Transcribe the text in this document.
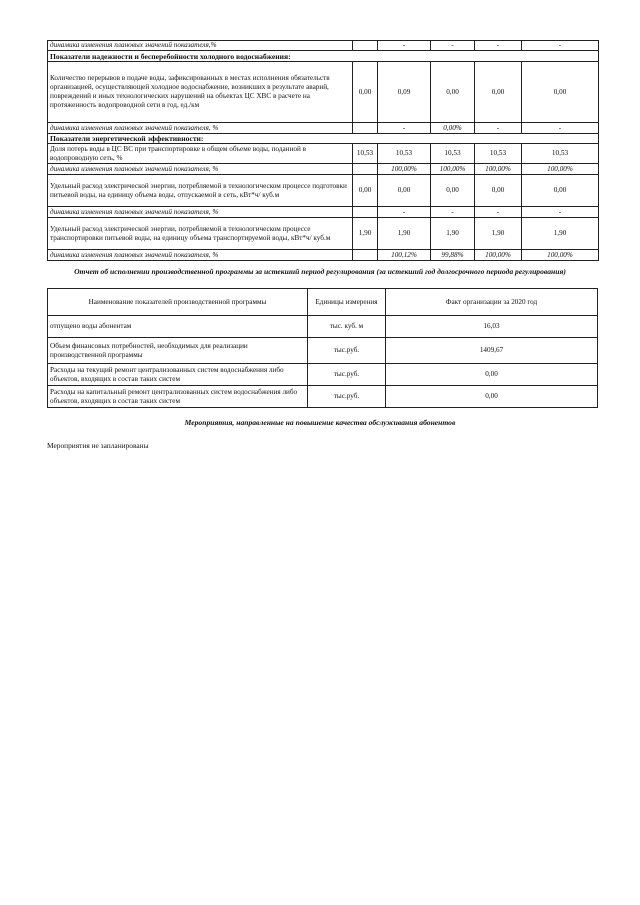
динамика изменения плановых значений показателя,%		-	-	-	-
Показатели надежности и бесперебойности холодного водоснабжения:					
Количество перерывов в подаче воды, зафиксированных в местах исполнения обязательств организацией, осуществляющей холодное водоснабжение, возникших в результате аварий, повреждений и иных технологических нарушений на объектах ЦС ХВС в расчете на протяженность водопроводной сети в год, ед./км	0,00	0,09	0,00	0,00	0,00
динамика изменения плановых значений показателя, %		-	0,00%	-	-
Показатели энергетической эффективности:					
Доля потерь воды в ЦС ВС при транспортировке в общем объеме воды, поданной в водопроводную сеть, %	10,53	10,53	10,53	10,53	10,53
динамика изменения плановых значений показателя, %		100,00%	100,00%	100,00%	100,00%
Удельный расход электрической энергии, потребляемой в технологическом процессе подготовки питьевой воды, на единицу объема воды, отпускаемой в сеть, кВт*ч/ куб.м	0,00	0,00	0,00	0,00	0,00
динамика изменения плановых значений показателя, %		-	-	-	-
Удельный расход электрической энергии, потребляемой в технологическом процессе транспортировки питьевой воды, на единицу объема транспортируемой воды, кВт*ч/ куб.м	1,90	1,90	1,90	1,90	1,90
динамика изменения плановых значений показателя, %		100,12%	99,88%	100,00%	100,00%
Отчет об исполнении производственной программы за истекший период регулирования (за истекший год долгосрочного периода регулирования)
Наименование показателей производственной программы	Единицы измерения	Факт организации за 2020 год
отпущено воды абонентам	тыс. куб. м	16,03
Объем финансовых потребностей, необходимых для реализации производственной программы	тыс.руб.	1409,67
Расходы на текущий ремонт централизованных систем водоснабжения либо объектов, входящих в состав таких систем	тыс.руб.	0,00
Расходы на капитальный ремонт централизованных систем водоснабжения либо объектов, входящих в состав таких систем	тыс.руб.	0,00
Мероприятия, направленные на повышение качества обслуживания абонентов
Мероприятия не запланированы
